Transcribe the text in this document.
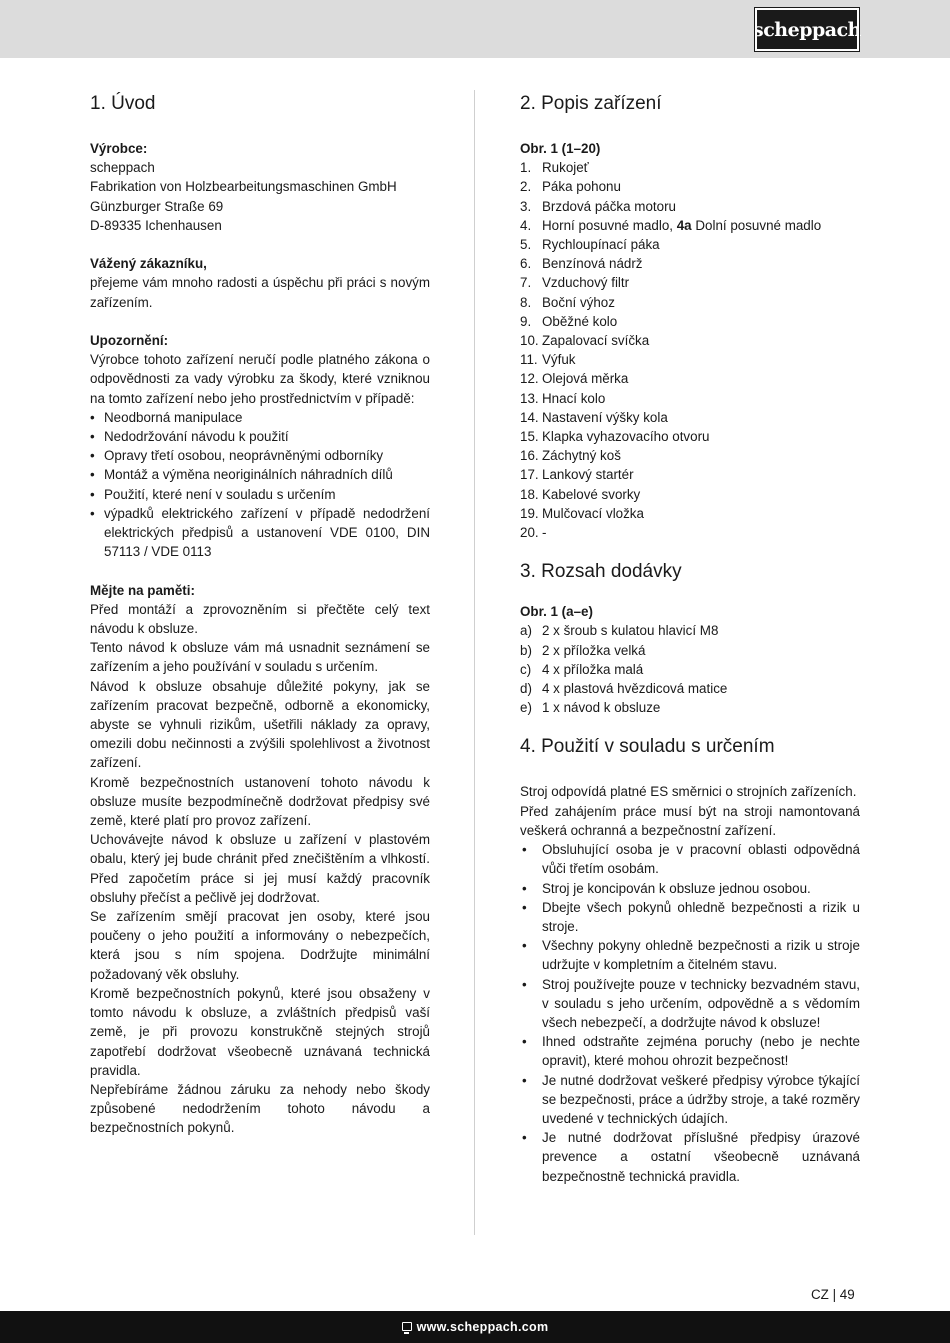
scheppach
1. Úvod
Výrobce:
scheppach
Fabrikation von Holzbearbeitungsmaschinen GmbH
Günzburger Straße 69
D-89335 Ichenhausen
Vážený zákazníku,
přejeme vám mnoho radosti a úspěchu při práci s novým zařízením.
Upozornění:
Výrobce tohoto zařízení neručí podle platného zákona o odpovědnosti za vady výrobku za škody, které vzniknou na tomto zařízení nebo jeho prostřednictvím v případě:
• Neodborná manipulace
• Nedodržování návodu k použití
• Opravy třetí osobou, neoprávněnými odborníky
• Montáž a výměna neoriginálních náhradních dílů
• Použití, které není v souladu s určením
• výpadků elektrického zařízení v případě nedodržení elektrických předpisů a ustanovení VDE 0100, DIN 57113 / VDE 0113
Mějte na paměti:
Před montáží a zprovozněním si přečtěte celý text návodu k obsluze.
Tento návod k obsluze vám má usnadnit seznámení se zařízením a jeho používání v souladu s určením.
Návod k obsluze obsahuje důležité pokyny, jak se zařízením pracovat bezpečně, odborně a ekonomicky, abyste se vyhnuli rizikům, ušetřili náklady za opravy, omezili dobu nečinnosti a zvýšili spolehlivost a životnost zařízení.
Kromě bezpečnostních ustanovení tohoto návodu k obsluze musíte bezpodmínečně dodržovat předpisy své země, které platí pro provoz zařízení.
Uchovávejte návod k obsluze u zařízení v plastovém obalu, který jej bude chránit před znečištěním a vlhkostí. Před započetím práce si jej musí každý pracovník obsluhy přečíst a pečlivě jej dodržovat.
Se zařízením smějí pracovat jen osoby, které jsou poučeny o jeho použití a informovány o nebezpečích, která jsou s ním spojena. Dodržujte minimální požadovaný věk obsluhy.
Kromě bezpečnostních pokynů, které jsou obsaženy v tomto návodu k obsluze, a zvláštních předpisů vaší země, je při provozu konstrukčně stejných strojů zapotřebí dodržovat všeobecně uznávaná technická pravidla.
Nepřebíráme žádnou záruku za nehody nebo škody způsobené nedodržením tohoto návodu a bezpečnostních pokynů.
2. Popis zařízení
Obr. 1 (1–20)
1. Rukojeť
2. Páka pohonu
3. Brzdová páčka motoru
4. Horní posuvné madlo, 4a Dolní posuvné madlo
5. Rychloupínací páka
6. Benzínová nádrž
7. Vzduchový filtr
8. Boční výhoz
9. Oběžné kolo
10. Zapalovací svíčka
11. Výfuk
12. Olejová měrka
13. Hnací kolo
14. Nastavení výšky kola
15. Klapka vyhazovacího otvoru
16. Záchytný koš
17. Lankový startér
18. Kabelové svorky
19. Mulčovací vložka
20. -
3. Rozsah dodávky
Obr. 1 (a–e)
a) 2 x šroub s kulatou hlavicí M8
b) 2 x příložka velká
c) 4 x příložka malá
d) 4 x plastová hvězdicová matice
e) 1 x návod k obsluze
4. Použití v souladu s určením
Stroj odpovídá platné ES směrnici o strojních zařízeních.
Před zahájením práce musí být na stroji namontovaná veškerá ochranná a bezpečnostní zařízení.
• Obsluhující osoba je v pracovní oblasti odpovědná vůči třetím osobám.
• Stroj je koncipován k obsluze jednou osobou.
• Dbejte všech pokynů ohledně bezpečnosti a rizik u stroje.
• Všechny pokyny ohledně bezpečnosti a rizik u stroje udržujte v kompletním a čitelném stavu.
• Stroj používejte pouze v technicky bezvadném stavu, v souladu s jeho určením, odpovědně a s vědomím všech nebezpečí, a dodržujte návod k obsluze!
• Ihned odstraňte zejména poruchy (nebo je nechte opravit), které mohou ohrozit bezpečnost!
• Je nutné dodržovat veškeré předpisy výrobce týkající se bezpečnosti, práce a údržby stroje, a také rozměry uvedené v technických údajích.
• Je nutné dodržovat příslušné předpisy úrazové prevence a ostatní všeobecně uznávaná bezpečnostně technická pravidla.
CZ | 49
www.scheppach.com
